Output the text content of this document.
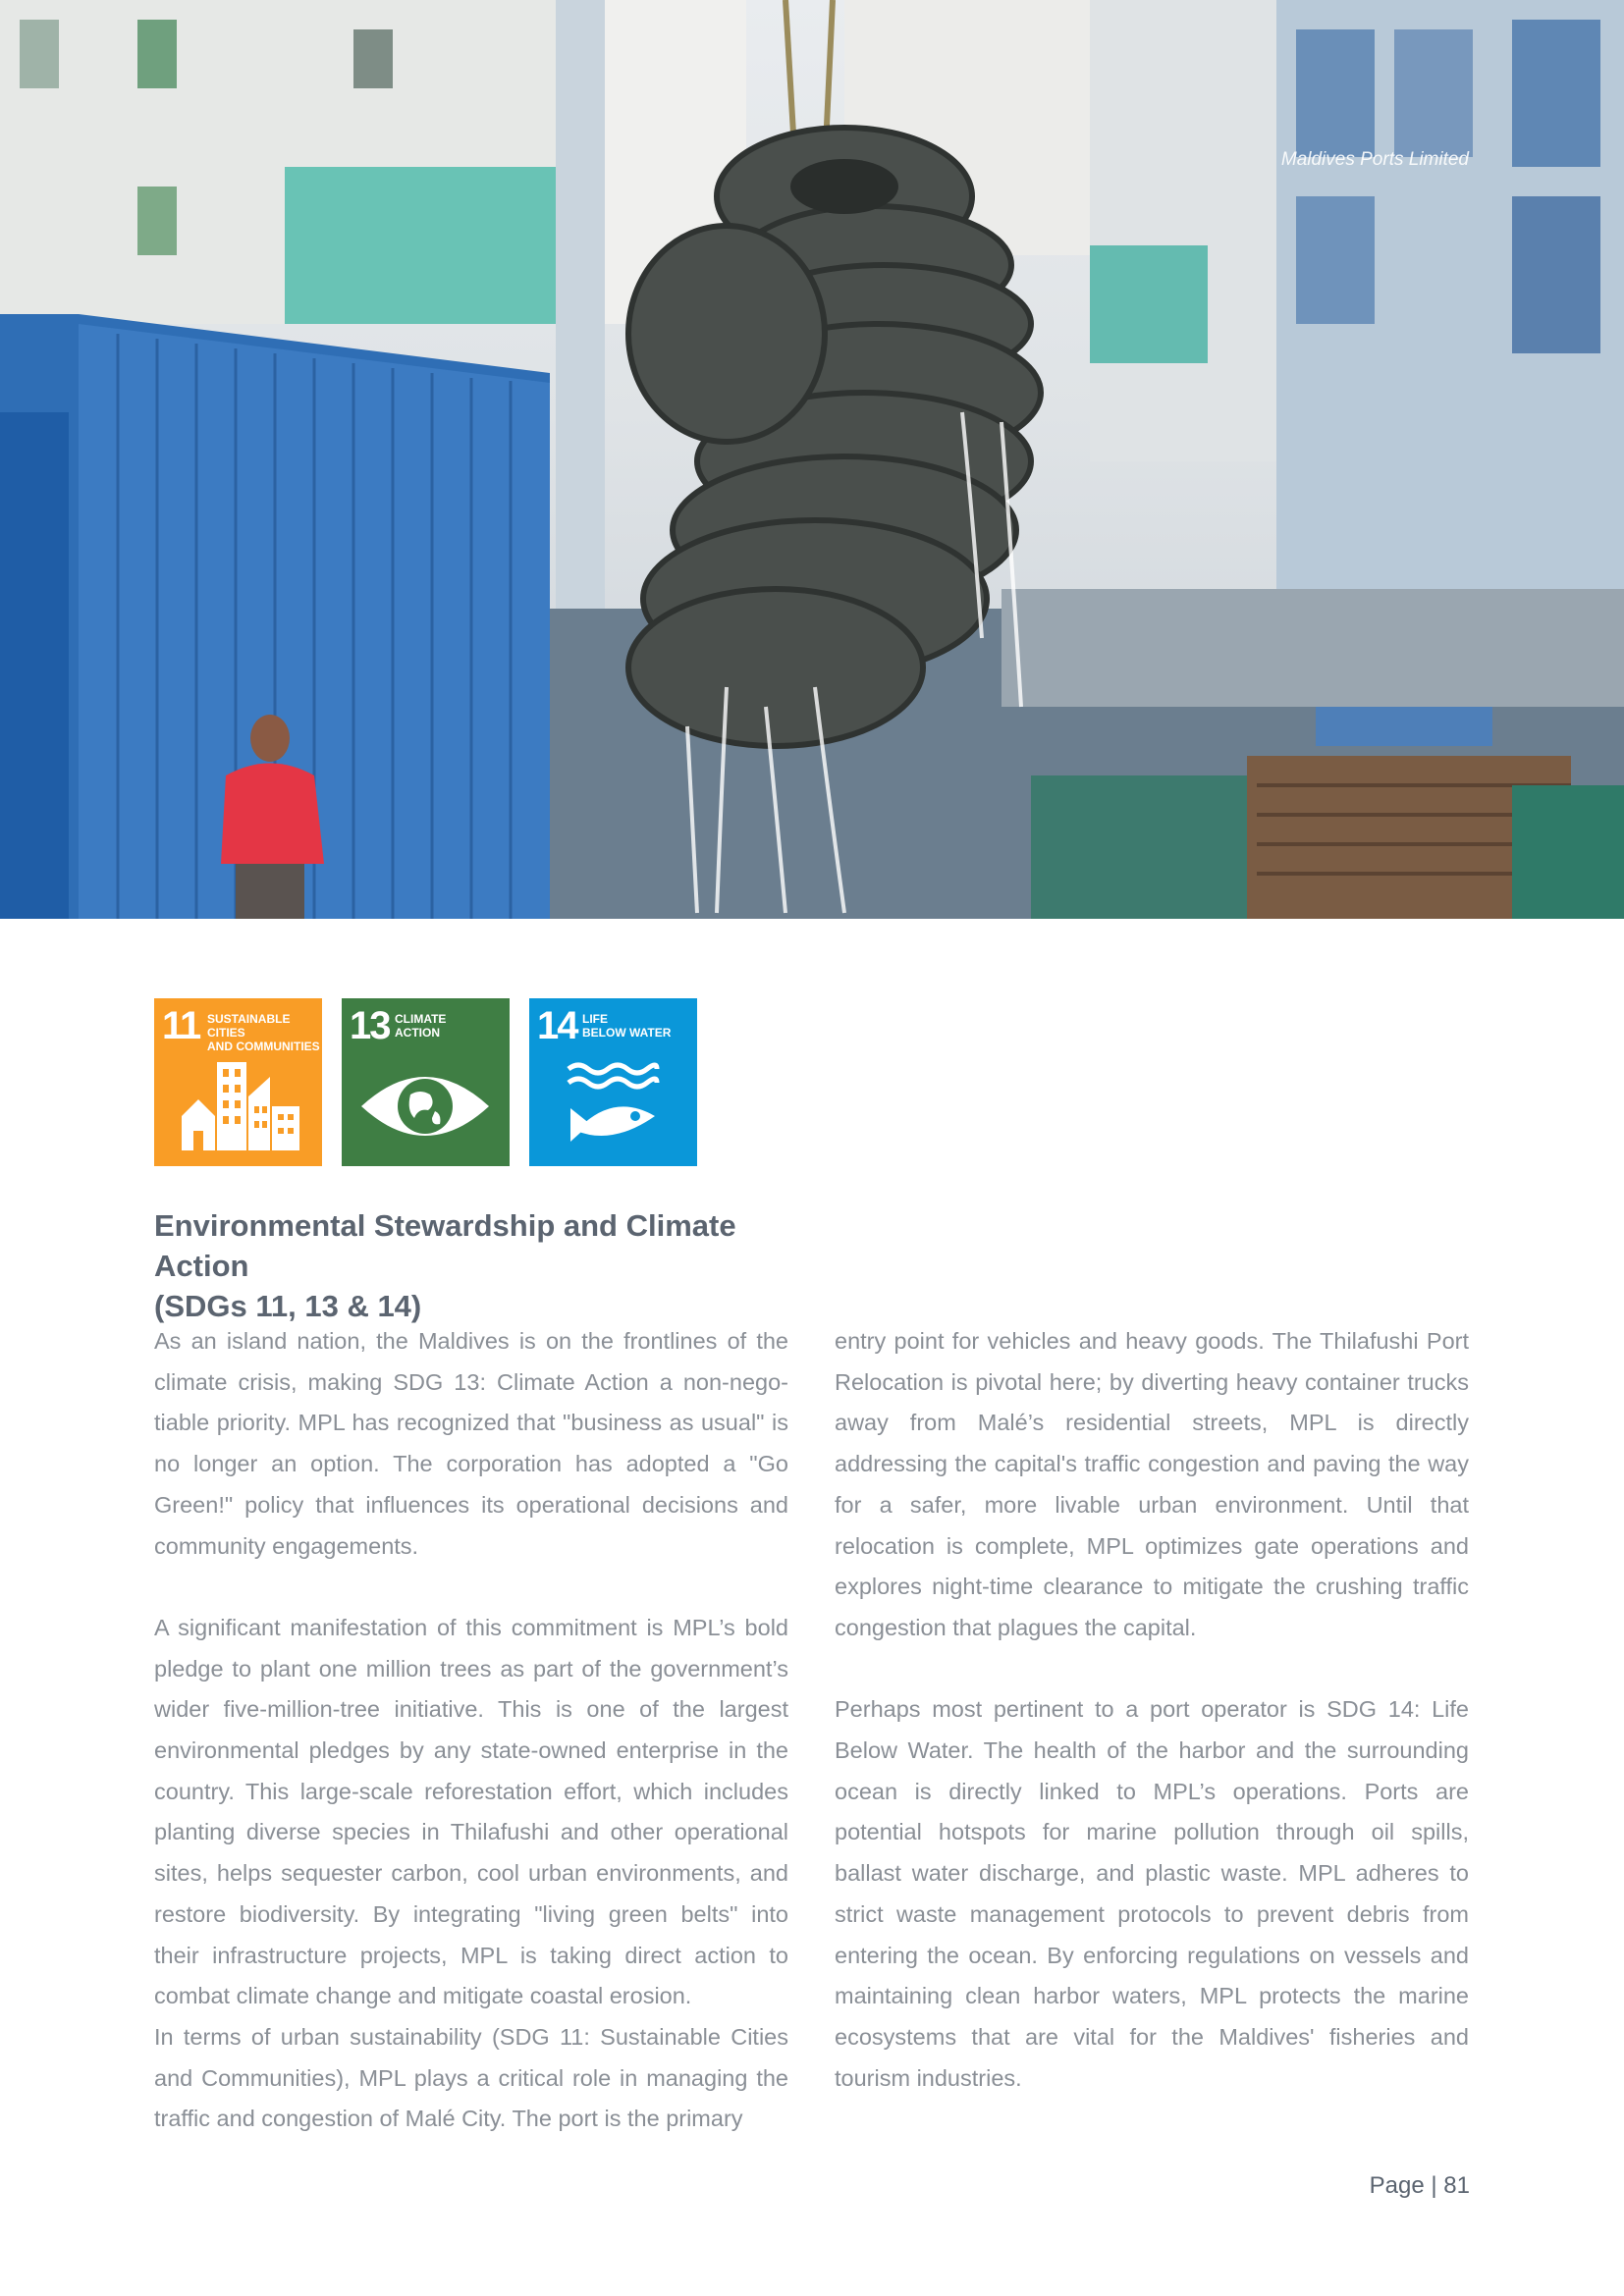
Maldives Ports Limited
11 SUSTAINABLE CITIES
AND COMMUNITIES 13 CLIMATE
ACTION 14 LIFE
BELOW WATER
Environmental Stewardship and Climate Action
(SDGs 11, 13 & 14)

As an island nation, the Maldives is on the frontlines of the climate crisis, making SDG 13: Climate Action a non-nego-tiable priority. MPL has recognized that "business as usual" is no longer an option. The corporation has adopted a "Go Green!" policy that influences its operational decisions and community engagements.

A significant manifestation of this commitment is MPL’s bold pledge to plant one million trees as part of the government’s wider five-million-tree initiative. This is one of the largest environmental pledges by any state-owned enterprise in the country. This large-scale reforestation effort, which includes planting diverse species in Thilafushi and other operational sites, helps sequester carbon, cool urban environments, and restore biodiversity. By integrating "living green belts" into their infrastructure projects, MPL is taking direct action to combat climate change and mitigate coastal erosion.

In terms of urban sustainability (SDG 11: Sustainable Cities and Communities), MPL plays a critical role in managing the traffic and congestion of Malé City. The port is the primary

entry point for vehicles and heavy goods. The Thilafushi Port Relocation is pivotal here; by diverting heavy container trucks away from Malé’s residential streets, MPL is directly addressing the capital's traffic congestion and paving the way for a safer, more livable urban environment. Until that relocation is complete, MPL optimizes gate operations and explores night-time clearance to mitigate the crushing traffic congestion that plagues the capital.

Perhaps most pertinent to a port operator is SDG 14: Life Below Water. The health of the harbor and the surrounding ocean is directly linked to MPL’s operations. Ports are potential hotspots for marine pollution through oil spills, ballast water discharge, and plastic waste. MPL adheres to strict waste management protocols to prevent debris from entering the ocean. By enforcing regulations on vessels and maintaining clean harbor waters, MPL protects the marine ecosystems that are vital for the Maldives' fisheries and tourism industries.

Page | 81
